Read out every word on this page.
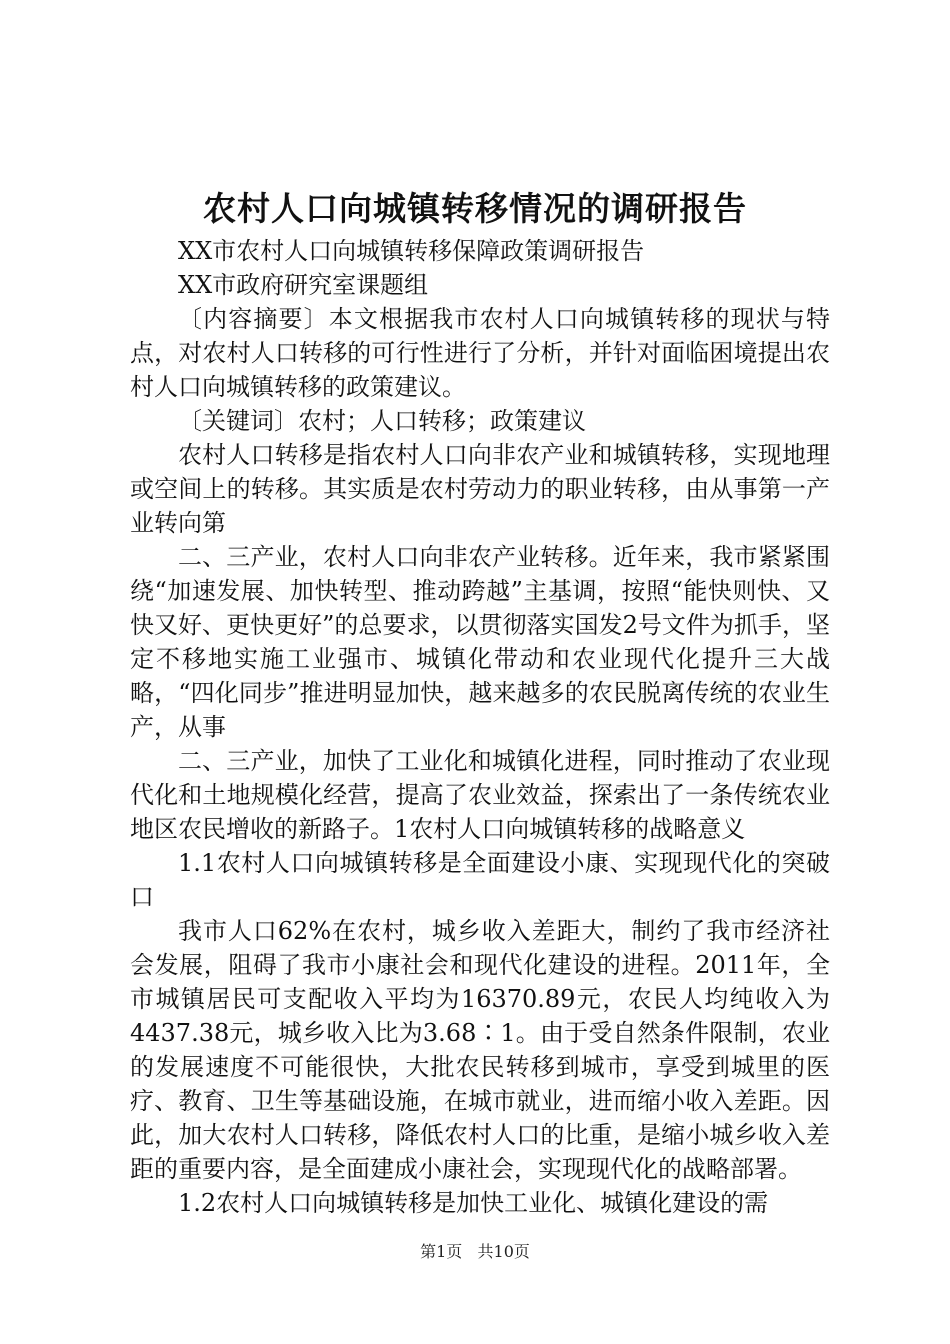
农村人口向城镇转移情况的调研报告

XX市农村人口向城镇转移保障政策调研报告

XX市政府研究室课题组

〔内容摘要〕本文根据我市农村人口向城镇转移的现状与特点，对农村人口转移的可行性进行了分析，并针对面临困境提出农村人口向城镇转移的政策建议。

〔关键词〕农村；人口转移；政策建议

农村人口转移是指农村人口向非农产业和城镇转移，实现地理或空间上的转移。其实质是农村劳动力的职业转移，由从事第一产业转向第

二、三产业，农村人口向非农产业转移。近年来，我市紧紧围绕“加速发展、加快转型、推动跨越”主基调，按照“能快则快、又快又好、更快更好”的总要求，以贯彻落实国发2号文件为抓手，坚定不移地实施工业强市、城镇化带动和农业现代化提升三大战略，“四化同步”推进明显加快，越来越多的农民脱离传统的农业生产，从事

二、三产业，加快了工业化和城镇化进程，同时推动了农业现代化和土地规模化经营，提高了农业效益，探索出了一条传统农业地区农民增收的新路子。1农村人口向城镇转移的战略意义

1.1农村人口向城镇转移是全面建设小康、实现现代化的突破口

我市人口62%在农村，城乡收入差距大，制约了我市经济社会发展，阻碍了我市小康社会和现代化建设的进程。2011年，全市城镇居民可支配收入平均为16370.89元，农民人均纯收入为4437.38元，城乡收入比为3.68∶1。由于受自然条件限制，农业的发展速度不可能很快，大批农民转移到城市，享受到城里的医疗、教育、卫生等基础设施，在城市就业，进而缩小收入差距。因此，加大农村人口转移，降低农村人口的比重，是缩小城乡收入差距的重要内容，是全面建成小康社会，实现现代化的战略部署。

1.2农村人口向城镇转移是加快工业化、城镇化建设的需

第1页 共10页
